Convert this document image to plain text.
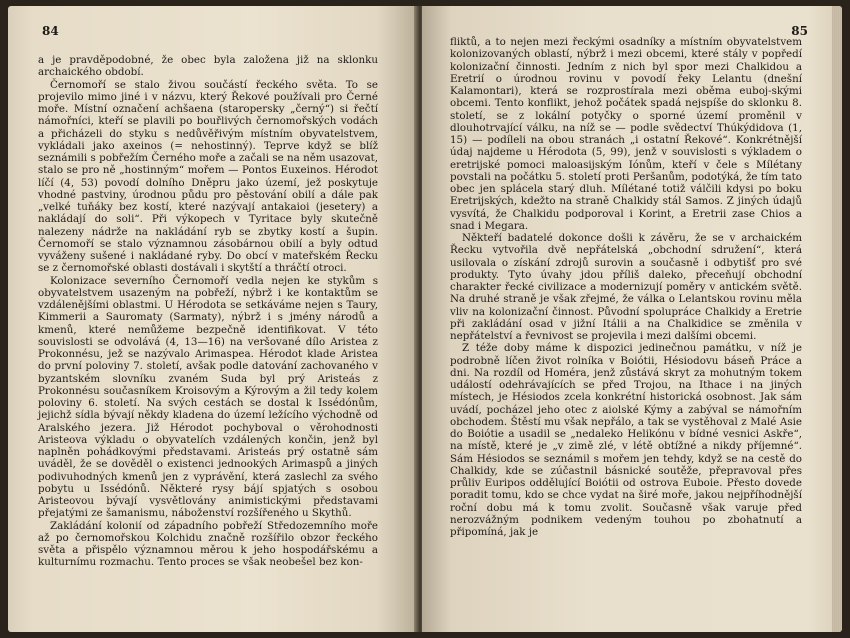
84

a je pravděpodobné, že obec byla založena již na sklonku archaického období.

Černomoří se stalo živou součástí řeckého světa. To se projevilo mimo jiné i v názvu, který Řekové používali pro Černé moře. Místní označení achšaena (staropersky „černý“) si řečtí námořníci, kteří se plavili po bouřlivých černomořských vodách a přicházeli do styku s nedůvěřivým místním obyvatelstvem, vykládali jako axeinos (= nehostinný). Teprve když se blíž seznámili s pobřežím Černého moře a začali se na něm usazovat, stalo se pro ně „hostinným“ mořem — Pontos Euxeinos. Hérodot líčí (4, 53) povodí dolního Dněpru jako území, jež poskytuje vhodné pastviny, úrodnou půdu pro pěstování obilí a dále pak „velké tuňáky bez kostí, které nazývají antakaioi (jesetery) a nakládají do soli“. Při výkopech v Tyritace byly skutečně nalezeny nádrže na nakládání ryb se zbytky kostí a šupin. Černomoří se stalo významnou zásobárnou obilí a byly odtud vyváženy sušené i nakládané ryby. Do obcí v mateřském Řecku se z černomořské oblasti dostávali i skytští a thráčtí otroci.

Kolonizace severního Černomoří vedla nejen ke stykům s obyvatelstvem usazeným na pobřeží, nýbrž i ke kontaktům se vzdálenějšími oblastmi. U Hérodota se setkáváme nejen s Taury, Kimmerii a Sauromaty (Sarmaty), nýbrž i s jmény národů a kmenů, které nemůžeme bezpečně identifikovat. V této souvislosti se odvolává (4, 13—16) na veršované dílo Aristea z Prokonnésu, jež se nazývalo Arimaspea. Hérodot klade Aristea do první poloviny 7. století, avšak podle datování zachovaného v byzantském slovníku zvaném Suda byl prý Aristeás z Prokonnésu současníkem Kroisovým a Kýrovým a žil tedy kolem poloviny 6. století. Na svých cestách se dostal k Issédónům, jejichž sídla bývají někdy kladena do území ležícího východně od Aralského jezera. Již Hérodot pochyboval o věrohodnosti Aristeova výkladu o obyvatelích vzdálených končin, jenž byl naplněn pohádkovými představami. Aristeás prý ostatně sám uváděl, že se dověděl o existenci jednookých Arimaspů a jiných podivuhodných kmenů jen z vyprávění, která zaslechl za svého pobytu u Issédónů. Některé rysy bájí spjatých s osobou Aristeovou bývají vysvětlovány animistickými představami přejatými ze šamanismu, náboženství rozšířeného u Skythů.

Zakládání kolonií od západního pobřeží Středozemního moře až po černomořskou Kolchidu značně rozšířilo obzor řeckého světa a přispělo významnou měrou k jeho hospodářskému a kulturnímu rozmachu. Tento proces se však neobešel bez kon-

85

fliktů, a to nejen mezi řeckými osadníky a místním obyvatelstvem kolonizovaných oblastí, nýbrž i mezi obcemi, které stály v popředí kolonizační činnosti. Jedním z nich byl spor mezi Chalkidou a Eretrií o úrodnou rovinu v povodí řeky Lelantu (dnešní Kalamontari), která se rozprostírala mezi oběma euboj-skými obcemi. Tento konflikt, jehož počátek spadá nejspíše do sklonku 8. století, se z lokální potyčky o sporné území proměnil v dlouhotrvající válku, na níž se — podle svědectví Thúkýdidova (1, 15) — podíleli na obou stranách „i ostatní Řekové“. Konkrétnější údaj najdeme u Hérodota (5, 99), jenž v souvislosti s výkladem o eretrijské pomoci maloasijským Iónům, kteří v čele s Mílétany povstali na počátku 5. století proti Peršanům, podotýká, že tím tato obec jen splácela starý dluh. Mílétané totiž válčili kdysi po boku Eretrijských, kdežto na straně Chalkidy stál Samos. Z jiných údajů vysvítá, že Chalkidu podporoval i Korint, a Eretrii zase Chios a snad i Megara.

Někteří badatelé dokonce došli k závěru, že se v archaickém Řecku vytvořila dvě nepřátelská „obchodní sdružení“, která usilovala o získání zdrojů surovin a současně i odbytišť pro své produkty. Tyto úvahy jdou příliš daleko, přeceňují obchodní charakter řecké civilizace a modernizují poměry v antickém světě. Na druhé straně je však zřejmé, že válka o Lelantskou rovinu měla vliv na kolonizační činnost. Původní spolupráce Chalkidy a Eretrie při zakládání osad v jižní Itálii a na Chalkidice se změnila v nepřátelství a řevnivost se projevila i mezi dalšími obcemi.

Z téže doby máme k dispozici jedinečnou památku, v níž je podrobně líčen život rolníka v Boiótii, Hésiodovu báseň Práce a dni. Na rozdíl od Homéra, jenž zůstává skryt za mohutným tokem událostí odehrávajících se před Trojou, na Ithace i na jiných místech, je Hésiodos zcela konkrétní historická osobnost. Jak sám uvádí, pocházel jeho otec z aiolské Kýmy a zabýval se námořním obchodem. Štěstí mu však nepřálo, a tak se vystěhoval z Malé Asie do Boiótie a usadil se „nedaleko Helikónu v bídné vesnici Askře“, na místě, které je „v zimě zlé, v létě obtížné a nikdy příjemné“. Sám Hésiodos se seznámil s mořem jen tehdy, když se na cestě do Chalkidy, kde se zúčastnil básnické soutěže, přepravoval přes průliv Euripos oddělující Boiótii od ostrova Euboie. Přesto dovede poradit tomu, kdo se chce vydat na širé moře, jakou nejpříhodnější roční dobu má k tomu zvolit. Současně však varuje před nerozvážným podnikem vedeným touhou po zbohatnutí a připomíná, jak je
